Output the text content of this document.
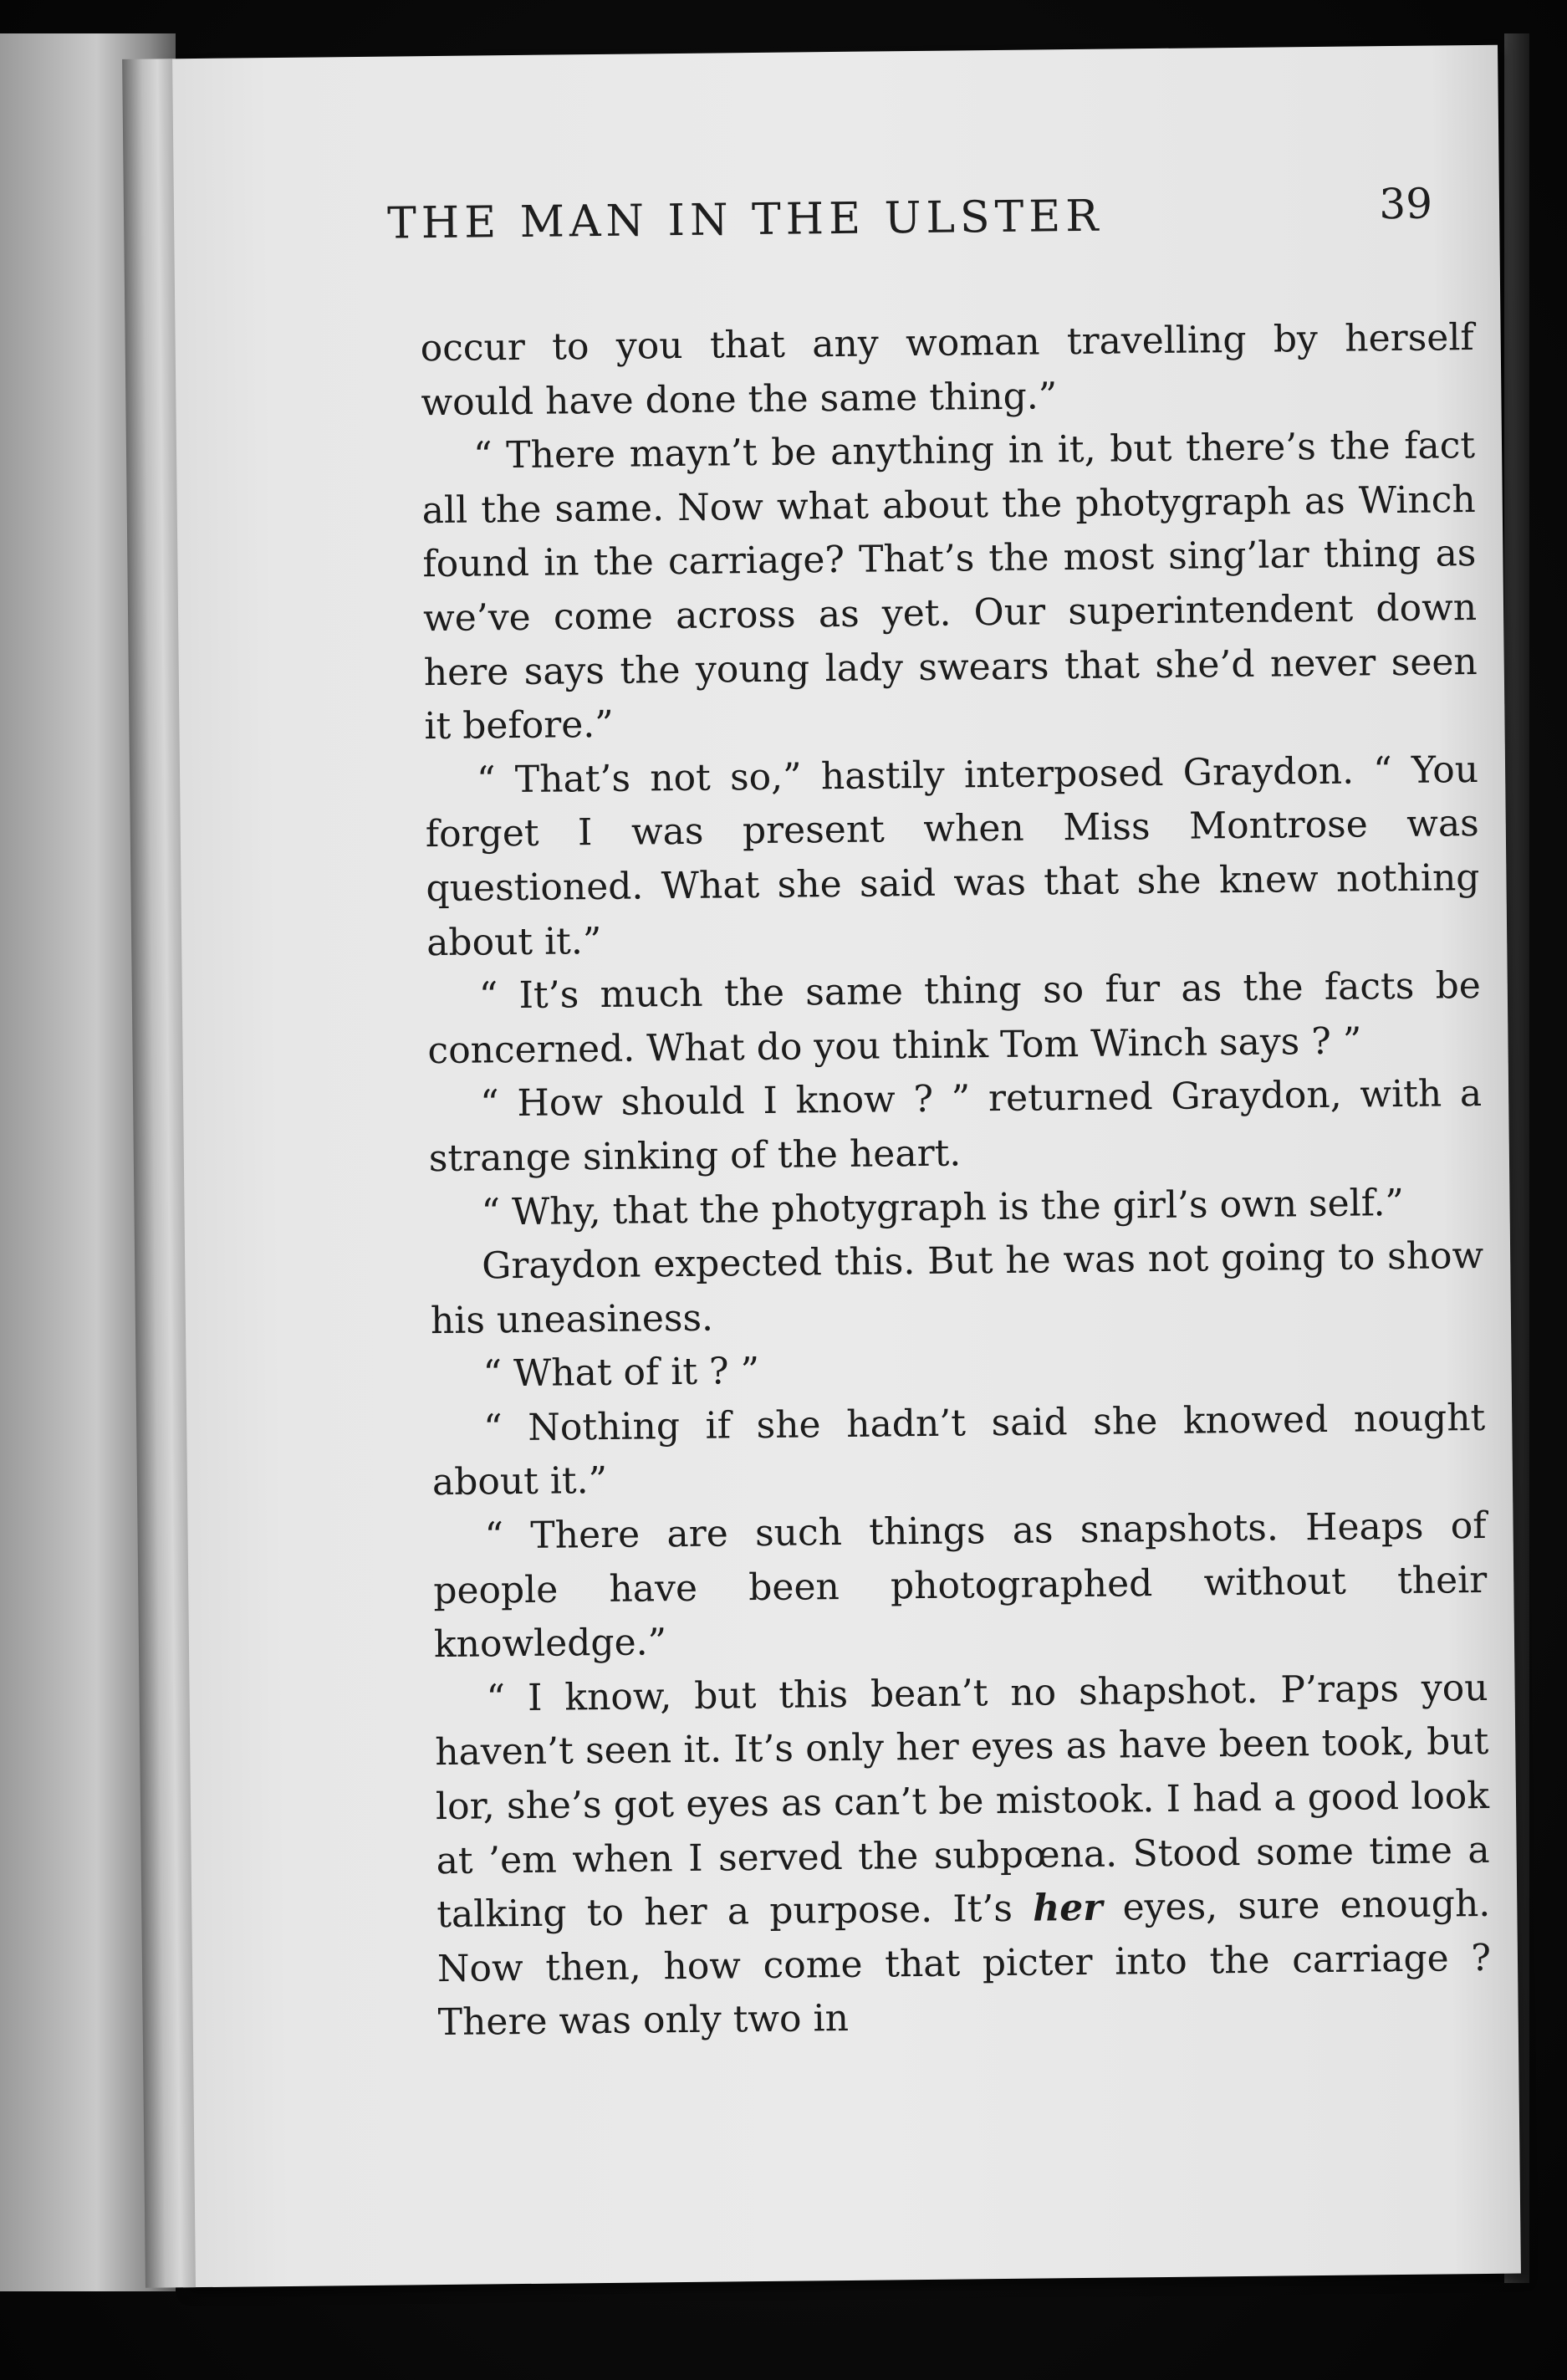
THE MAN IN THE ULSTER	39

occur to you that any woman travelling by herself would have done the same thing.”

“ There mayn’t be anything in it, but there’s the fact all the same. Now what about the photygraph as Winch found in the carriage? That’s the most sing’lar thing as we’ve come across as yet. Our superintendent down here says the young lady swears that she’d never seen it before.”

“ That’s not so,” hastily interposed Graydon. “ You forget I was present when Miss Montrose was questioned. What she said was that she knew nothing about it.”

“ It’s much the same thing so fur as the facts be concerned. What do you think Tom Winch says ? ”

“ How should I know ? ” returned Graydon, with a strange sinking of the heart.

“ Why, that the photygraph is the girl’s own self.”

Graydon expected this. But he was not going to show his uneasiness.

“ What of it ? ”

“ Nothing if she hadn’t said she knowed nought about it.”

“ There are such things as snapshots. Heaps of people have been photographed without their knowledge.”

“ I know, but this bean’t no shapshot. P’raps you haven’t seen it. It’s only her eyes as have been took, but lor, she’s got eyes as can’t be mistook. I had a good look at ’em when I served the subpœna. Stood some time a talking to her a purpose. It’s her eyes, sure enough. Now then, how come that picter into the carriage ? There was only two in
